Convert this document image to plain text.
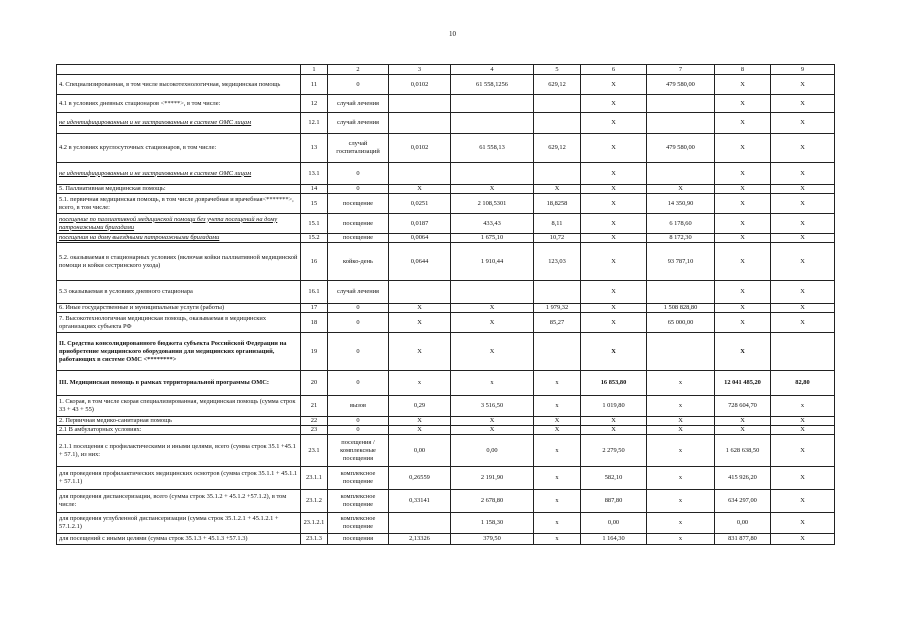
10
	1	2	3	4	5	6	7	8	9
4. Специализированная, в том числе высокотехнологичная, медицинская помощь	11	0	0,0102	61 558,1256	629,12	X	479 580,00	X	X
4.1 в условиях дневных стационаров <*****>, в том числе:	12	случай лечения				X		X	X
не идентифицированным и не застрахованным в системе ОМС лицам	12.1	случай лечения				X		X	X
4.2 в условиях круглосуточных стационаров, в том числе:	13	случай госпитализаций	0,0102	61 558,13	629,12	X	479 580,00	X	X
не идентифицированным и не застрахованным в системе ОМС лицам	13.1	0				X		X	X
5. Паллиативная медицинская помощь:	14	0	X	X	X	X	X	X	X
5.1. первичная медицинская помощь, в том числе доврачебная и врачебная<*******>, всего, в том числе:	15	посещение	0,0251	2 108,5301	18,8258	X	14 350,90	X	X
посещение по паллиативной медицинской помощи без учета посещений на дому патронажными бригадами	15.1	посещение	0,0187	433,43	8,11	X	6 178,60	X	X
посещения на дому выездными патронажными бригадами	15.2	посещение	0,0064	1 675,10	10,72	X	8 172,30	X	X
5.2. оказываемая в стационарных условиях (включая койки паллиативной медицинской помощи и койки сестринского ухода)	16	койко-день	0,0644	1 910,44	123,03	X	93 787,10	X	X
5.3 оказываемая в условиях дневного стационара	16.1	случай лечения				X		X	X
6. Иные государственные и муниципальные услуги (работы)	17	0	X	X	1 979,32	X	1 508 828,80	X	X
7. Высокотехнологичная медицинская помощь, оказываемая в медицинских организациях субъекта РФ	18	0	X	X	85,27	X	65 000,00	X	X
II. Средства консолидированного бюджета субъекта Российской Федерации на приобретение медицинского оборудования для медицинских организаций, работающих в системе ОМС <********>	19	0	X	X		X		X	
III. Медицинская помощь в рамках территориальной программы ОМС:	20	0	x	x	x	16 853,80	x	12 041 485,20	82,80
1. Скорая, в том числе скорая специализированная, медицинская помощь (сумма строк 33 + 43 + 55)	21	вызов	0,29	3 516,50	x	1 019,80	x	728 604,70	x
2. Первичная медико-санитарная помощь	22	0	X	X	X	X	X	X	X
2.1 В амбулаторных условиях:	23	0	X	X	X	X	X	X	X
2.1.1 посещения с профилактическими и иными целями, всего (сумма строк 35.1 +45.1 + 57.1), из них:	23.1	посещения / комплексные посещения	0,00	0,00	x	2 279,50	x	1 628 638,50	X
для проведения профилактических медицинских осмотров (сумма строк 35.1.1 + 45.1.1 + 57.1.1)	23.1.1	комплексное посещение	0,26559	2 191,90	x	582,10	x	415 926,20	X
для проведения диспансеризации, всего (сумма строк 35.1.2 + 45.1.2 +57.1.2), в том числе:	23.1.2	комплексное посещение	0,33141	2 678,80	x	887,80	x	634 297,00	X
для проведения углубленной диспансеризации (сумма строк 35.1.2.1 + 45.1.2.1 + 57.1.2.1)	23.1.2.1	комплексное посещение		1 158,30	x	0,00	x	0,00	X
для посещений с иными целями (сумма строк 35.1.3 + 45.1.3 +57.1.3)	23.1.3	посещения	2,13326	379,50	x	1 164,30	x	831 877,80	X
